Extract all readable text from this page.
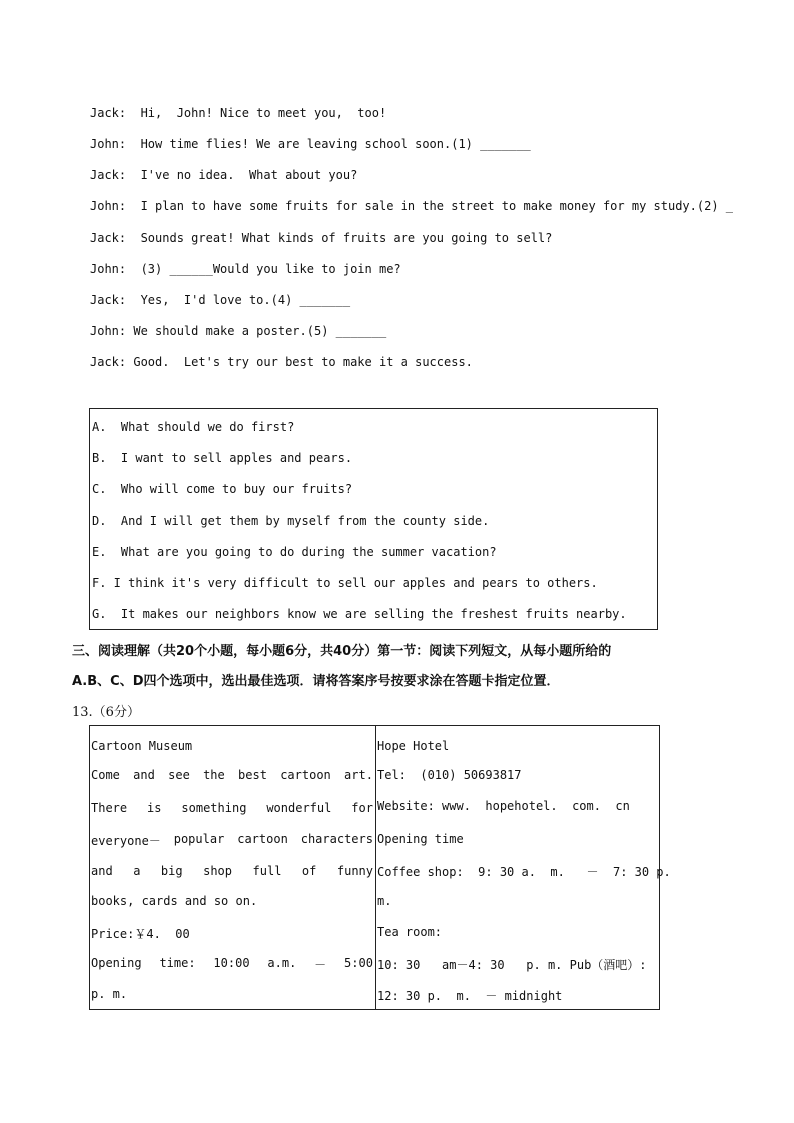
Jack:  Hi,  John! Nice to meet you,  too!
John:  How time flies! We are leaving school soon.(1) _______
Jack:  I've no idea.  What about you?
John:  I plan to have some fruits for sale in the street to make money for my study.(2) _
Jack:  Sounds great! What kinds of fruits are you going to sell?
John:  (3) ______Would you like to join me?
Jack:  Yes,  I'd love to.(4) _______
John: We should make a poster.(5) _______
Jack: Good.  Let's try our best to make it a success.
A.  What should we do first?
B.  I want to sell apples and pears.
C.  Who will come to buy our fruits?
D.  And I will get them by myself from the county side.
E.  What are you going to do during the summer vacation?
F. I think it's very difficult to sell our apples and pears to others.
G.  It makes our neighbors know we are selling the freshest fruits nearby.
三、阅读理解（共20个小题，每小题6分，共40分）第一节：阅读下列短文，从每小题所给的
A.B、C、D四个选项中，选出最佳选项．请将答案序号按要求涂在答题卡指定位置．
13.（6分）
Cartoon Museum
Come and see the best cartoon art.
There is something wonderful for
everyone－ popular cartoon characters
and a big shop full of funny
books, cards and so on.
Price:￥4.  00
Opening time: 10:00 a.m. － 5:00
p. m.

Hope Hotel
Tel:  (010) 50693817
Website: www.  hopehotel.  com.  cn
Opening time
Coffee shop:  9: 30 a.  m.   －  7: 30 p.
m.
Tea room:
10: 30   am－4: 30   p. m. Pub（酒吧）:
12: 30 p.  m.  － midnight
